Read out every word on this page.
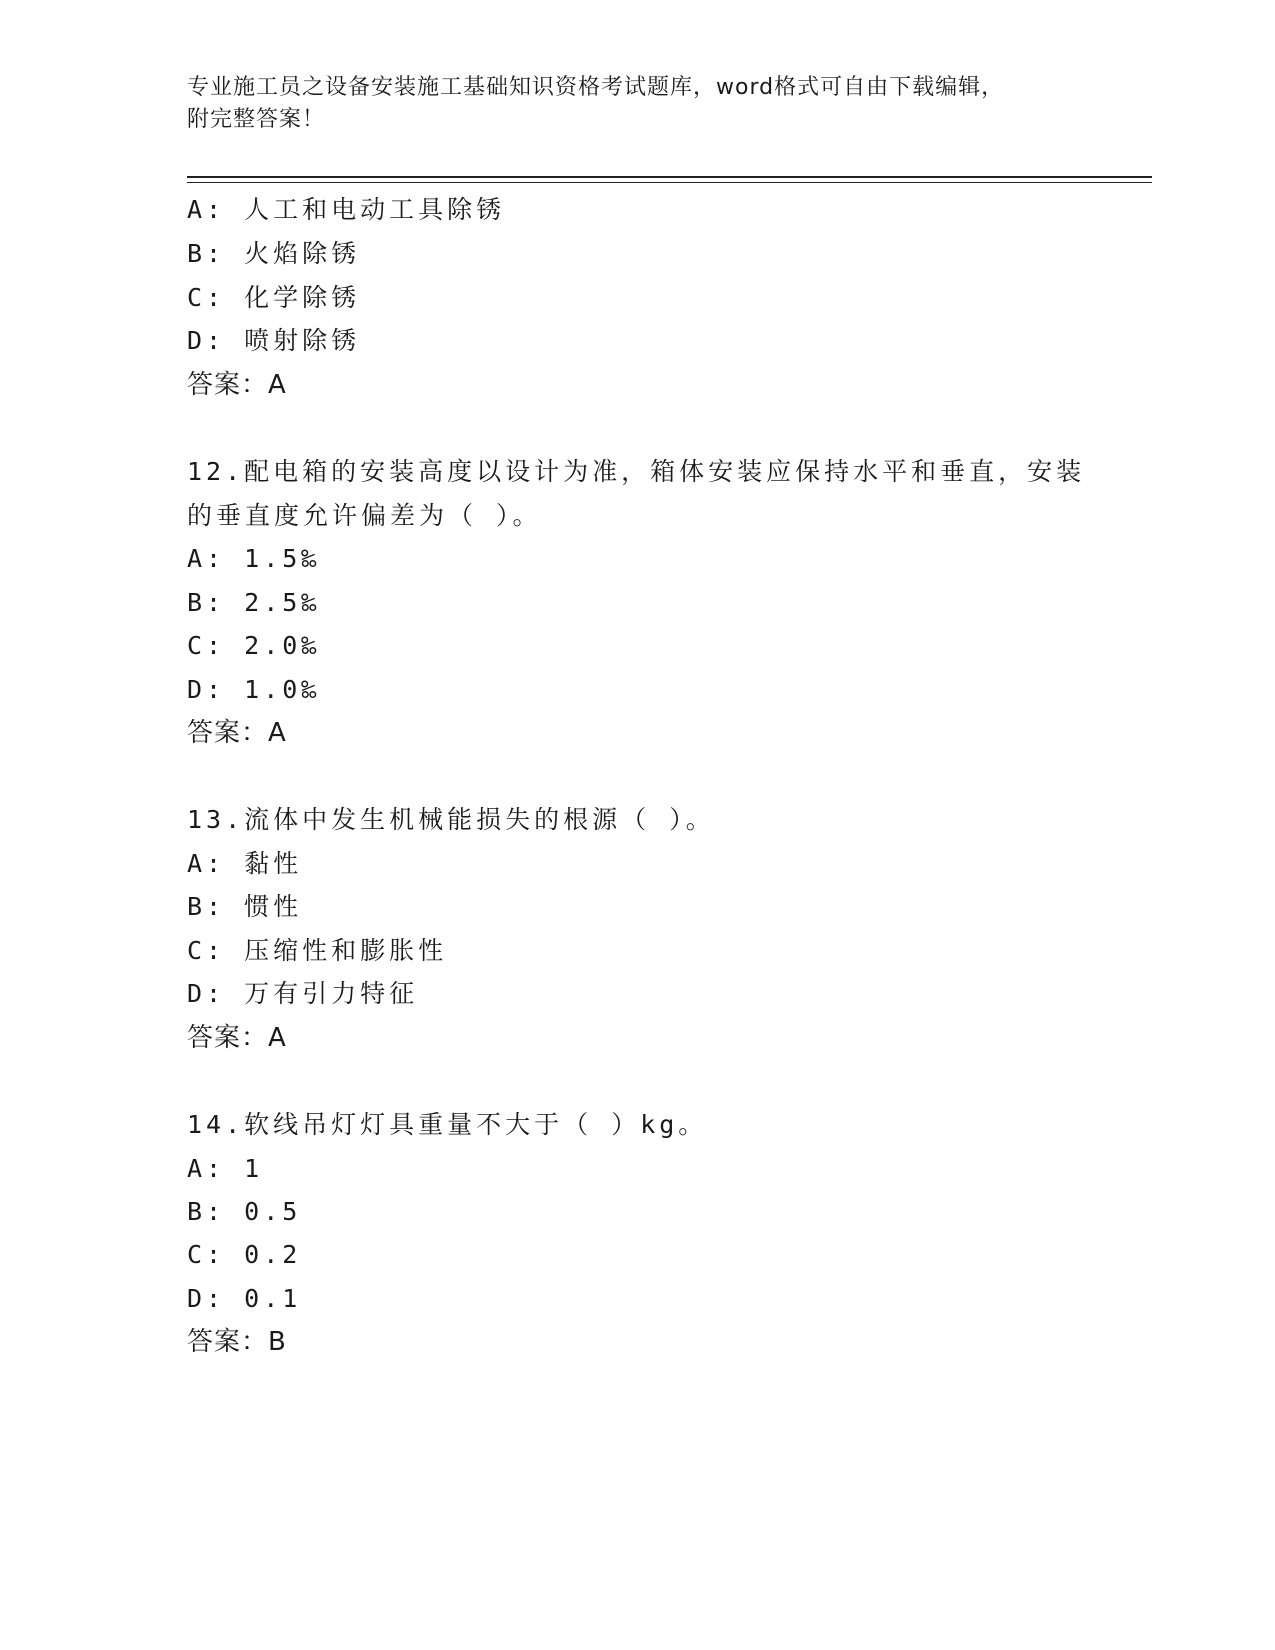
专业施工员之设备安装施工基础知识资格考试题库，word格式可自由下载编辑，
附完整答案！
A: 人工和电动工具除锈
B: 火焰除锈
C: 化学除锈
D: 喷射除锈
答案：A
12.配电箱的安装高度以设计为准，箱体安装应保持水平和垂直，安装
的垂直度允许偏差为（ ）。
A: 1.5‰
B: 2.5‰
C: 2.0‰
D: 1.0‰
答案：A
13.流体中发生机械能损失的根源（ ）。
A: 黏性
B: 惯性
C: 压缩性和膨胀性
D: 万有引力特征
答案：A
14.软线吊灯灯具重量不大于（ ）kg。
A: 1
B: 0.5
C: 0.2
D: 0.1
答案：B
